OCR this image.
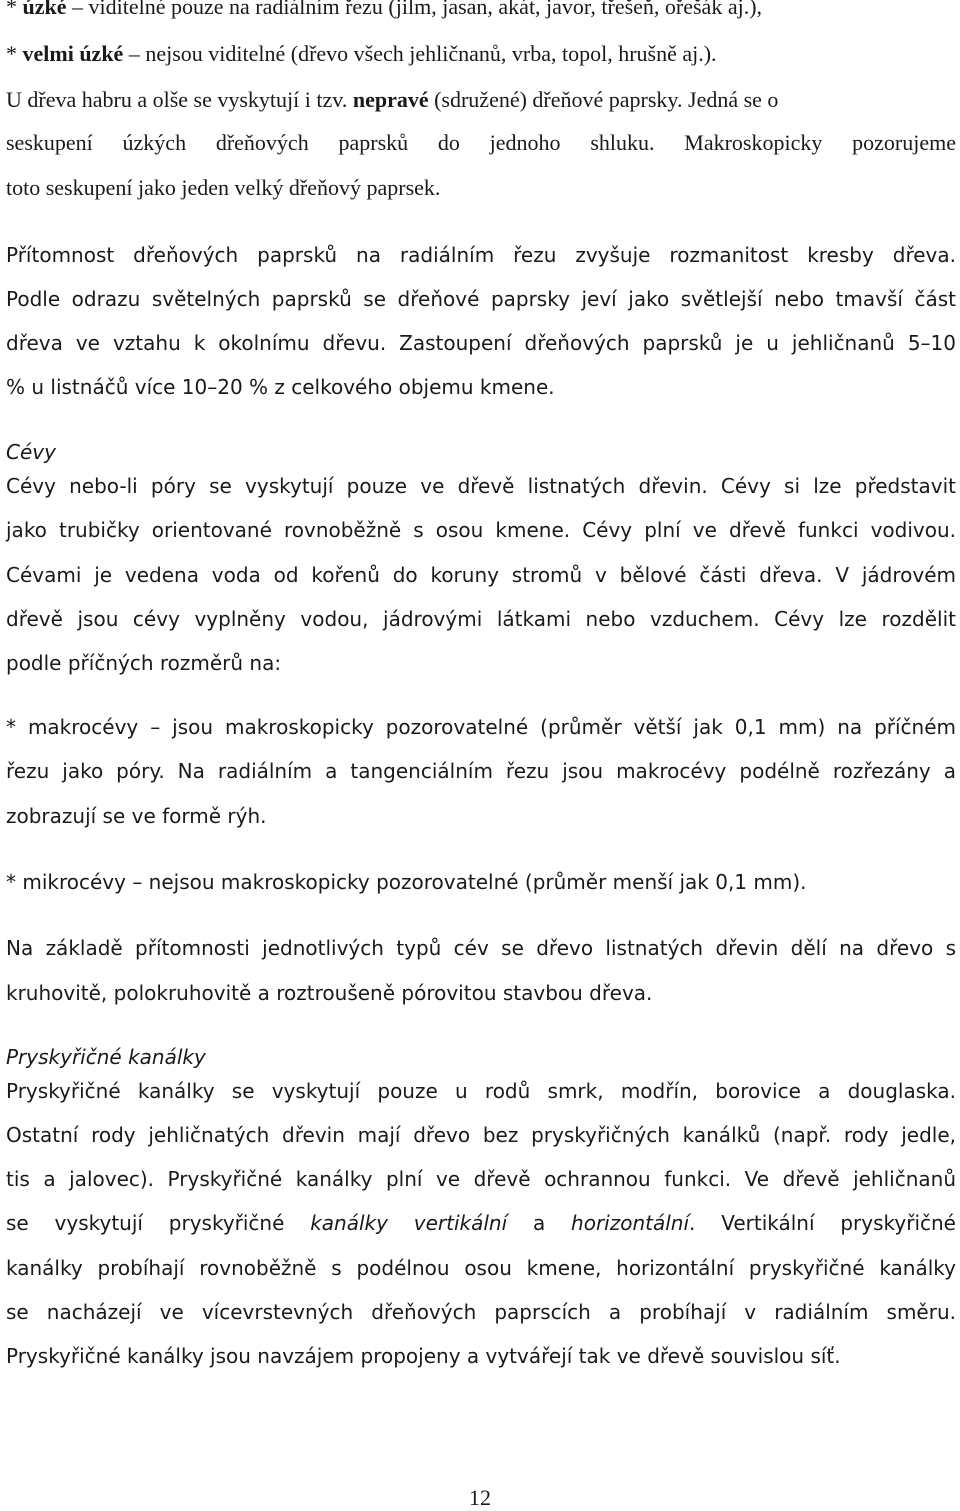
* úzké – viditelné pouze na radiálním řezu (jilm, jasan, akát, javor, třešeň, ořešák aj.),
* velmi úzké – nejsou viditelné (dřevo všech jehličnanů, vrba, topol, hrušně aj.).
U dřeva habru a olše se vyskytují i tzv. nepravé (sdružené) dřeňové paprsky. Jedná se o
seskupení úzkých dřeňových paprsků do jednoho shluku. Makroskopicky pozorujeme
toto seskupení jako jeden velký dřeňový paprsek.
Přítomnost dřeňových paprsků na radiálním řezu zvyšuje rozmanitost kresby dřeva.
Podle odrazu světelných paprsků se dřeňové paprsky jeví jako světlejší nebo tmavší část
dřeva ve vztahu k okolnímu dřevu. Zastoupení dřeňových paprsků je u jehličnanů 5–10
% u listnáčů více 10–20 % z celkového objemu kmene.
Cévy
Cévy nebo-li póry se vyskytují pouze ve dřevě listnatých dřevin. Cévy si lze představit
jako trubičky orientované rovnoběžně s osou kmene. Cévy plní ve dřevě funkci vodivou.
Cévami je vedena voda od kořenů do koruny stromů v bělové části dřeva. V jádrovém
dřevě jsou cévy vyplněny vodou, jádrovými látkami nebo vzduchem. Cévy lze rozdělit
podle příčných rozměrů na:
* makrocévy – jsou makroskopicky pozorovatelné (průměr větší jak 0,1 mm) na příčném
řezu jako póry. Na radiálním a tangenciálním řezu jsou makrocévy podélně rozřezány a
zobrazují se ve formě rýh.
* mikrocévy – nejsou makroskopicky pozorovatelné (průměr menší jak 0,1 mm).
Na základě přítomnosti jednotlivých typů cév se dřevo listnatých dřevin dělí na dřevo s
kruhovitě, polokruhovitě a roztroušeně pórovitou stavbou dřeva.
Pryskyřičné kanálky
Pryskyřičné kanálky se vyskytují pouze u rodů smrk, modřín, borovice a douglaska.
Ostatní rody jehličnatých dřevin mají dřevo bez pryskyřičných kanálků (např. rody jedle,
tis a jalovec). Pryskyřičné kanálky plní ve dřevě ochrannou funkci. Ve dřevě jehličnanů
se vyskytují pryskyřičné kanálky vertikální a horizontální. Vertikální pryskyřičné
kanálky probíhají rovnoběžně s podélnou osou kmene, horizontální pryskyřičné kanálky
se nacházejí ve vícevrstevných dřeňových paprscích a probíhají v radiálním směru.
Pryskyřičné kanálky jsou navzájem propojeny a vytvářejí tak ve dřevě souvislou síť.
12
